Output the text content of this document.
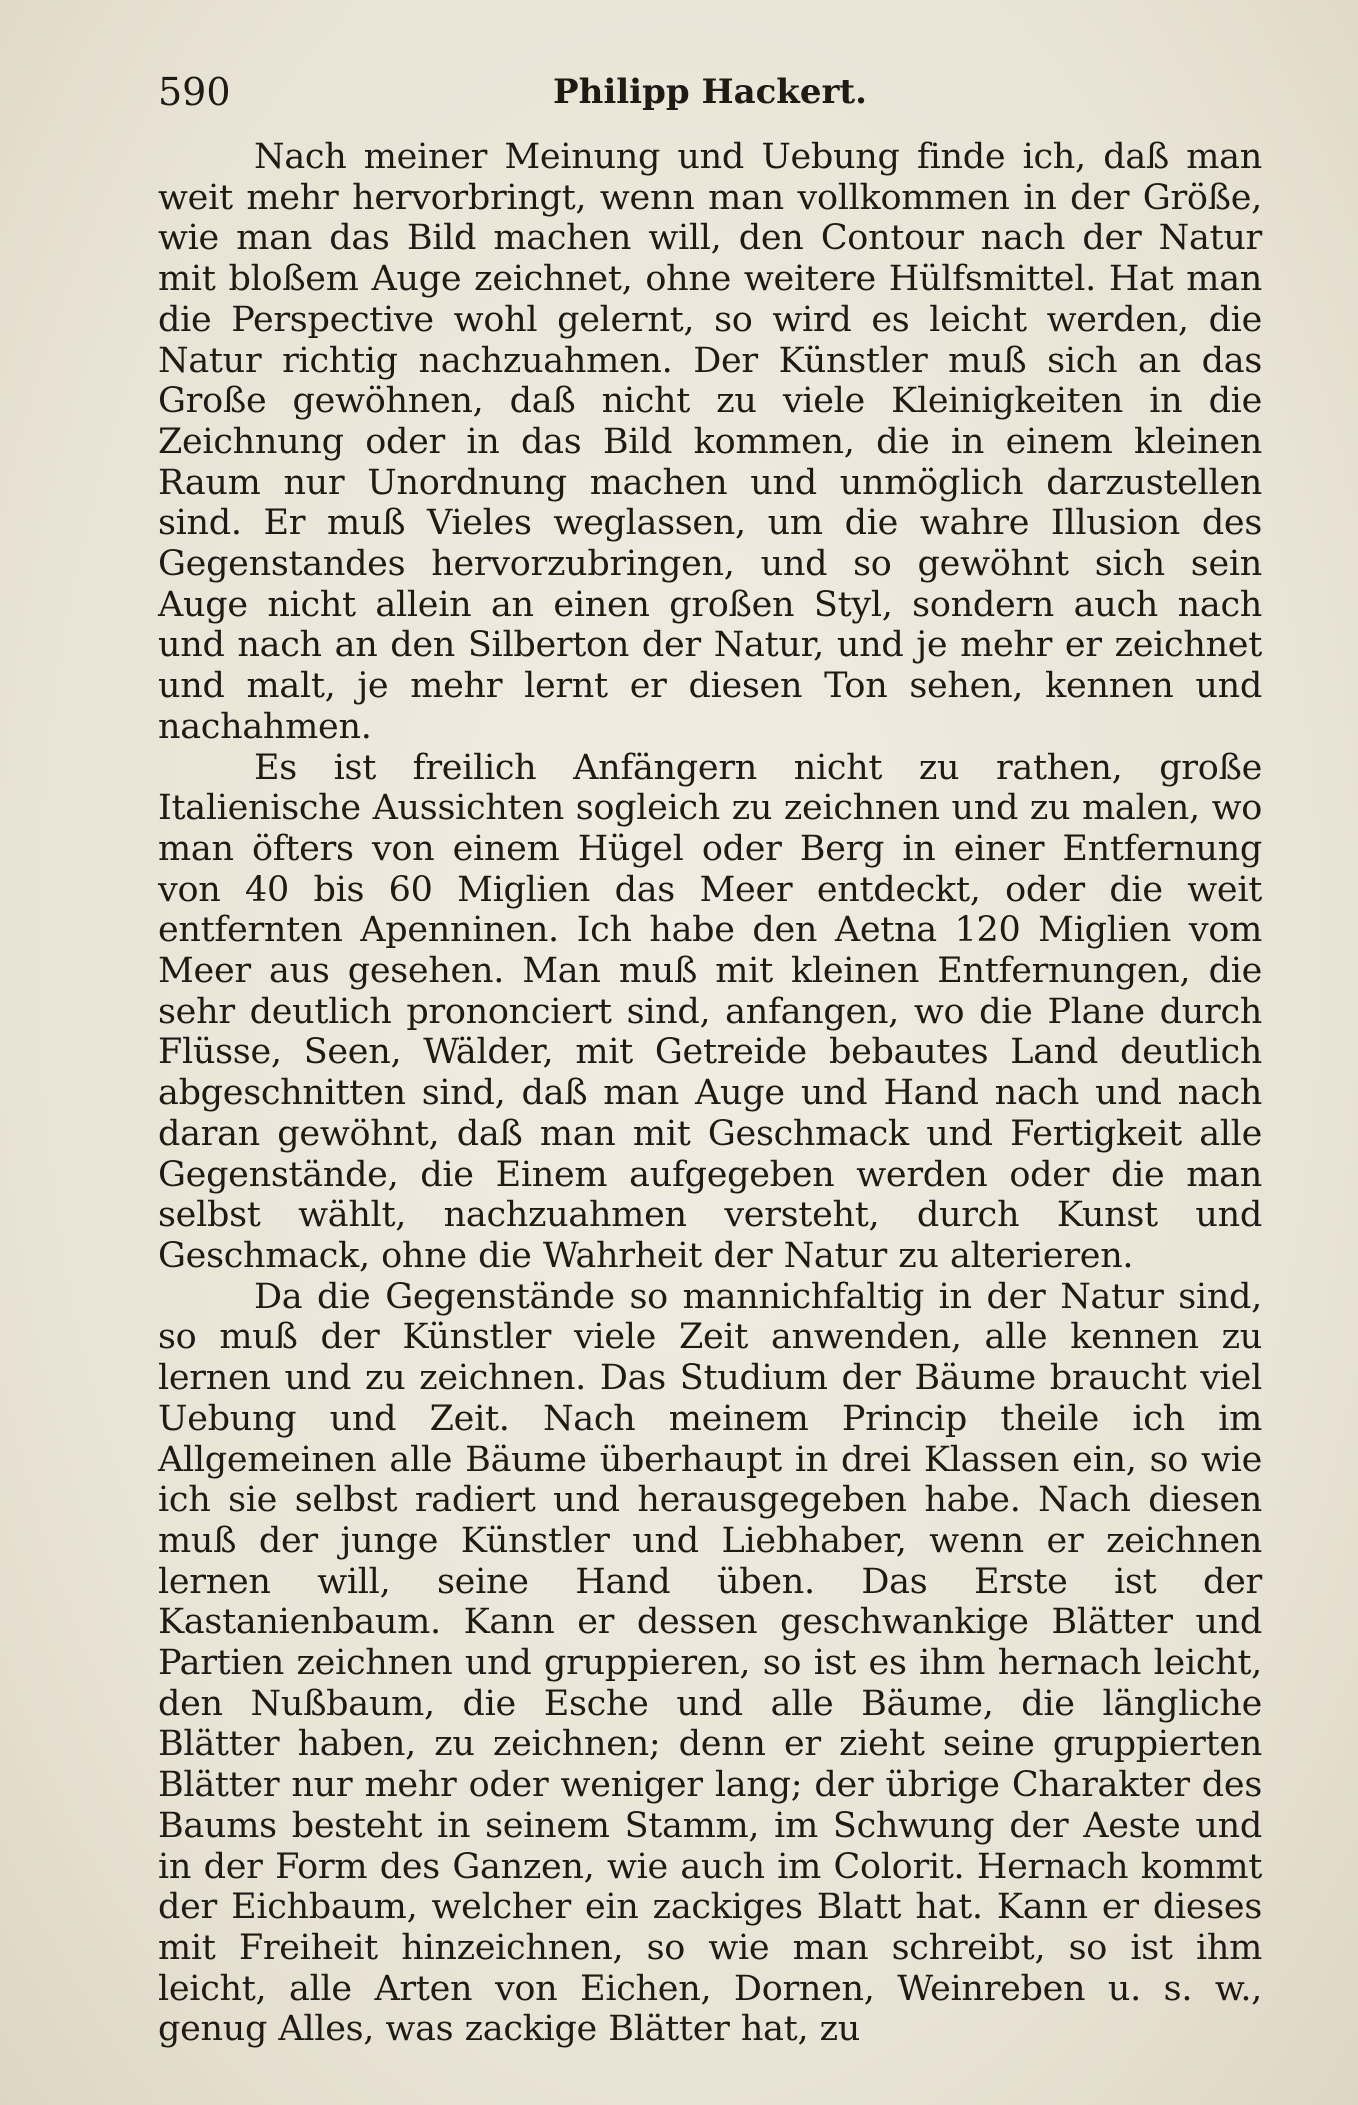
590	Philipp Hackert.

Nach meiner Meinung und Uebung finde ich, daß man weit mehr hervorbringt, wenn man vollkommen in der Größe, wie man das Bild machen will, den Contour nach der Natur mit bloßem Auge zeichnet, ohne weitere Hülfsmittel. Hat man die Perspective wohl gelernt, so wird es leicht werden, die Natur richtig nachzuahmen. Der Künstler muß sich an das Große gewöhnen, daß nicht zu viele Kleinigkeiten in die Zeichnung oder in das Bild kommen, die in einem kleinen Raum nur Unordnung machen und unmöglich darzustellen sind. Er muß Vieles weglassen, um die wahre Illusion des Gegenstandes hervorzubringen, und so gewöhnt sich sein Auge nicht allein an einen großen Styl, sondern auch nach und nach an den Silberton der Natur, und je mehr er zeichnet und malt, je mehr lernt er diesen Ton sehen, kennen und nachahmen.

Es ist freilich Anfängern nicht zu rathen, große Italienische Aussichten sogleich zu zeichnen und zu malen, wo man öfters von einem Hügel oder Berg in einer Entfernung von 40 bis 60 Miglien das Meer entdeckt, oder die weit entfernten Apenninen. Ich habe den Aetna 120 Miglien vom Meer aus gesehen. Man muß mit kleinen Entfernungen, die sehr deutlich prononciert sind, anfangen, wo die Plane durch Flüsse, Seen, Wälder, mit Getreide bebautes Land deutlich abgeschnitten sind, daß man Auge und Hand nach und nach daran gewöhnt, daß man mit Geschmack und Fertigkeit alle Gegenstände, die Einem aufgegeben werden oder die man selbst wählt, nachzuahmen versteht, durch Kunst und Geschmack, ohne die Wahrheit der Natur zu alterieren.

Da die Gegenstände so mannichfaltig in der Natur sind, so muß der Künstler viele Zeit anwenden, alle kennen zu lernen und zu zeichnen. Das Studium der Bäume braucht viel Uebung und Zeit. Nach meinem Princip theile ich im Allgemeinen alle Bäume überhaupt in drei Klassen ein, so wie ich sie selbst radiert und herausgegeben habe. Nach diesen muß der junge Künstler und Liebhaber, wenn er zeichnen lernen will, seine Hand üben. Das Erste ist der Kastanienbaum. Kann er dessen geschwankige Blätter und Partien zeichnen und gruppieren, so ist es ihm hernach leicht, den Nußbaum, die Esche und alle Bäume, die längliche Blätter haben, zu zeichnen; denn er zieht seine gruppierten Blätter nur mehr oder weniger lang; der übrige Charakter des Baums besteht in seinem Stamm, im Schwung der Aeste und in der Form des Ganzen, wie auch im Colorit. Hernach kommt der Eichbaum, welcher ein zackiges Blatt hat. Kann er dieses mit Freiheit hinzeichnen, so wie man schreibt, so ist ihm leicht, alle Arten von Eichen, Dornen, Weinreben u. s. w., genug Alles, was zackige Blätter hat, zu
